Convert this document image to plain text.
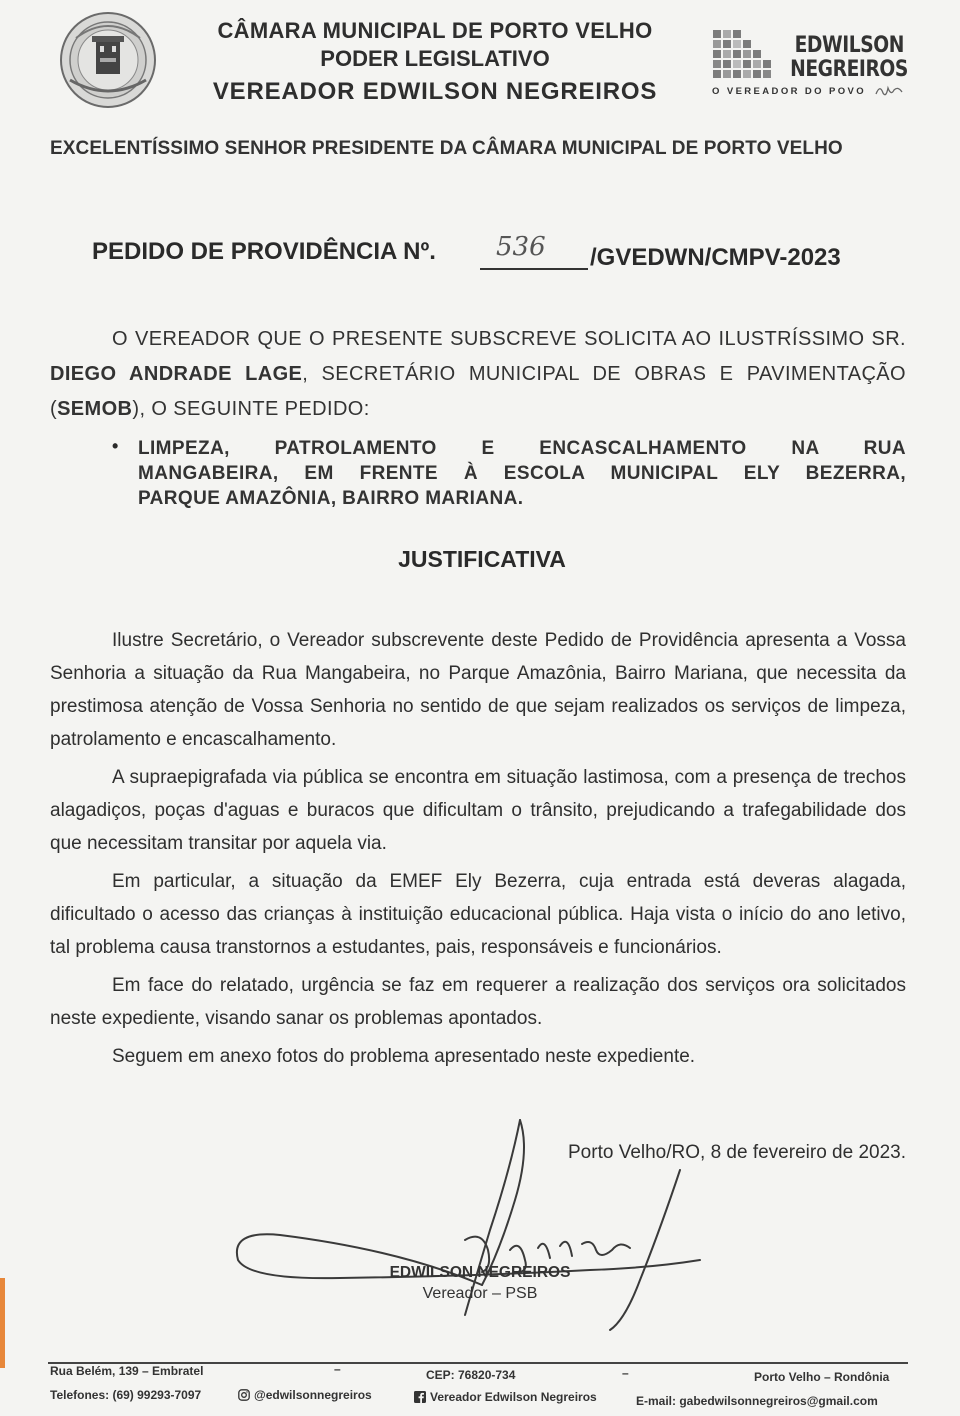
CÂMARA MUNICIPAL DE PORTO VELHO
PODER LEGISLATIVO
VEREADOR EDWILSON NEGREIROS
EDWILSON
NEGREIROS
O VEREADOR DO POVO
EXCELENTÍSSIMO SENHOR PRESIDENTE DA CÂMARA MUNICIPAL DE PORTO VELHO
PEDIDO DE PROVIDÊNCIA Nº. 536 /GVEDWN/CMPV-2023
O VEREADOR QUE O PRESENTE SUBSCREVE SOLICITA AO ILUSTRÍSSIMO SR. DIEGO ANDRADE LAGE, SECRETÁRIO MUNICIPAL DE OBRAS E PAVIMENTAÇÃO (SEMOB), O SEGUINTE PEDIDO:
• LIMPEZA, PATROLAMENTO E ENCASCALHAMENTO NA RUA
MANGABEIRA, EM FRENTE À ESCOLA MUNICIPAL ELY BEZERRA,
PARQUE AMAZÔNIA, BAIRRO MARIANA.
JUSTIFICATIVA

Ilustre Secretário, o Vereador subscrevente deste Pedido de Providência apresenta a Vossa Senhoria a situação da Rua Mangabeira, no Parque Amazônia, Bairro Mariana, que necessita da prestimosa atenção de Vossa Senhoria no sentido de que sejam realizados os serviços de limpeza, patrolamento e encascalhamento.

A supraepigrafada via pública se encontra em situação lastimosa, com a presença de trechos alagadiços, poças d'aguas e buracos que dificultam o trânsito, prejudicando a trafegabilidade dos que necessitam transitar por aquela via.

Em particular, a situação da EMEF Ely Bezerra, cuja entrada está deveras alagada, dificultado o acesso das crianças à instituição educacional pública. Haja vista o início do ano letivo, tal problema causa transtornos a estudantes, pais, responsáveis e funcionários.

Em face do relatado, urgência se faz em requerer a realização dos serviços ora solicitados neste expediente, visando sanar os problemas apontados.

Seguem em anexo fotos do problema apresentado neste expediente.

Porto Velho/RO, 8 de fevereiro de 2023.
EDWILSON NEGREIROS
Vereador – PSB
Rua Belém, 139 – Embratel	–	CEP: 76820-734	–	Porto Velho – Rondônia
Telefones: (69) 99293-7097	@edwilsonnegreiros	Vereador Edwilson Negreiros	E-mail: gabedwilsonnegreiros@gmail.com
